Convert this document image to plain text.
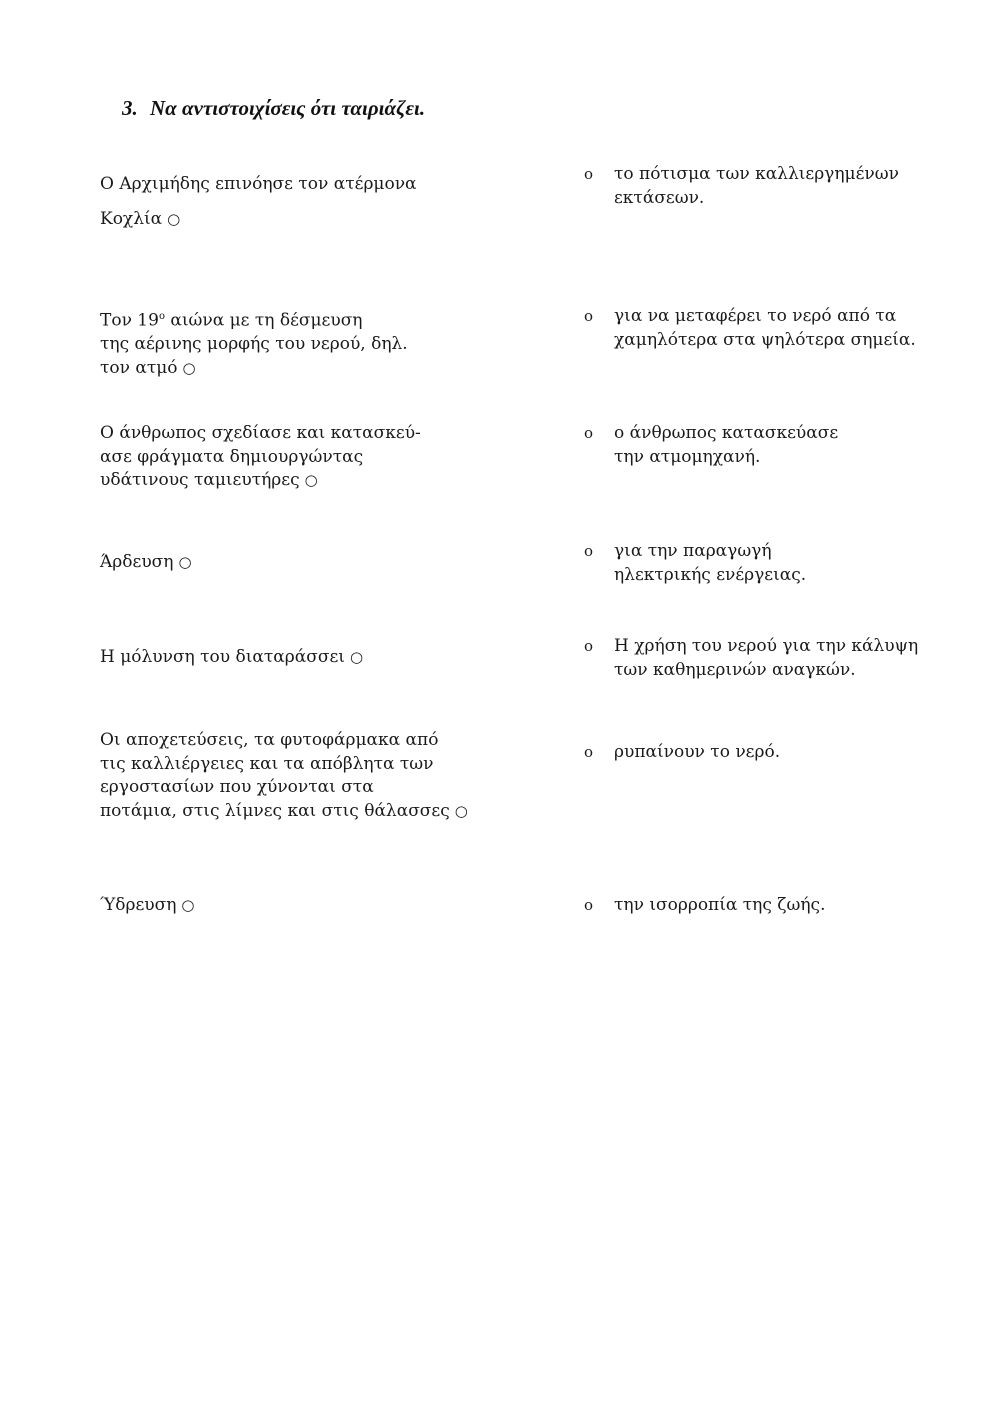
3. Να αντιστοιχίσεις ότι ταιριάζει.
Ο Αρχιμήδης επινόησε τον ατέρμονα
Κοχλία ○
Τον $19^o$ αιώνα με τη δέσμευση
της αέρινης μορφής του νερού, δηλ.
τον ατμό ○
Ο άνθρωπος σχεδίασε και κατασκεύ-
ασε φράγματα δημιουργώντας
υδάτινους ταμιευτήρες ○
Άρδευση ○
Η μόλυνση του διαταράσσει ○
Οι αποχετεύσεις, τα φυτοφάρμακα από
τις καλλιέργειες και τα απόβλητα των
εργοστασίων που χύνονται στα
ποτάμια, στις λίμνες και στις θάλασσες ○
Ύδρευση ○
o το πότισμα των καλλιεργημένων
εκτάσεων.
o για να μεταφέρει το νερό από τα
χαμηλότερα στα ψηλότερα σημεία.
o ο άνθρωπος κατασκεύασε
την ατμομηχανή.
o για την παραγωγή
ηλεκτρικής ενέργειας.
o Η χρήση του νερού για την κάλυψη
των καθημερινών αναγκών.
o ρυπαίνουν το νερό.
o την ισορροπία της ζωής.
